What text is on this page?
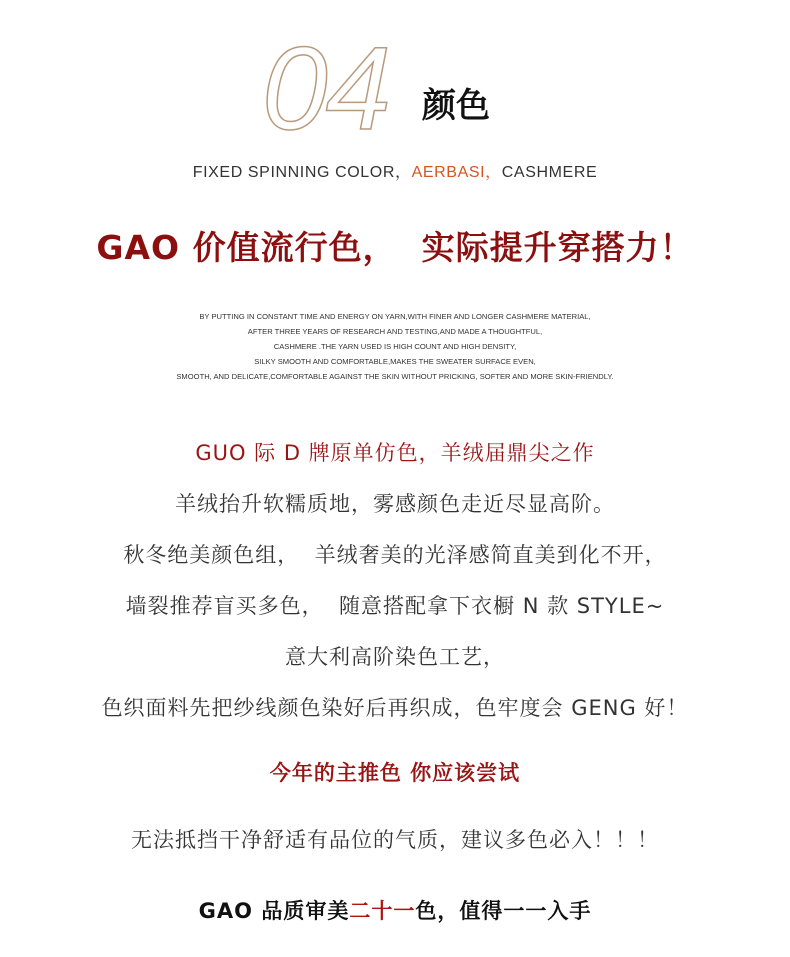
04 颜色
FIXED SPINNING COLOR，AERBASI，CASHMERE
GAO 价值流行色，  实际提升穿搭力！
BY PUTTING IN CONSTANT TIME AND ENERGY ON YARN,WITH FINER AND LONGER CASHMERE MATERIAL,
AFTER THREE YEARS OF RESEARCH AND TESTING,AND MADE A THOUGHTFUL,
CASHMERE .THE YARN USED IS HIGH COUNT AND HIGH DENSITY,
SILKY SMOOTH AND COMFORTABLE,MAKES THE SWEATER SURFACE EVEN,
SMOOTH, AND DELICATE,COMFORTABLE AGAINST THE SKIN WITHOUT PRICKING, SOFTER AND MORE SKIN-FRIENDLY.
GUO 际 D 牌原单仿色，羊绒届鼎尖之作
羊绒抬升软糯质地，雾感颜色走近尽显高阶。
秋冬绝美颜色组，  羊绒奢美的光泽感简直美到化不开，
墙裂推荐盲买多色，  随意搭配拿下衣橱 N 款 STYLE~
意大利高阶染色工艺，
色织面料先把纱线颜色染好后再织成，色牢度会 GENG 好！
今年的主推色 你应该尝试
无法抵挡干净舒适有品位的气质，建议多色必入！！！
GAO 品质审美二十一色，值得一一入手
